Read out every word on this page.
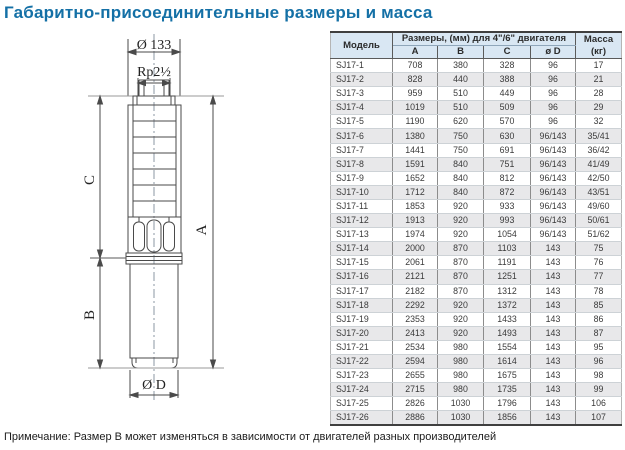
Габаритно-присоединительные размеры и масса
Ø 133
Rp2½
C
B
A
Ø D
Модель	Размеры, (мм) для 4"/6" двигателя				Масса
(кг)

	A	B	C	ø D	
SJ17-1	708	380	328	96	17
SJ17-2	828	440	388	96	21
SJ17-3	959	510	449	96	28
SJ17-4	1019	510	509	96	29
SJ17-5	1190	620	570	96	32
SJ17-6	1380	750	630	96/143	35/41
SJ17-7	1441	750	691	96/143	36/42
SJ17-8	1591	840	751	96/143	41/49
SJ17-9	1652	840	812	96/143	42/50
SJ17-10	1712	840	872	96/143	43/51
SJ17-11	1853	920	933	96/143	49/60
SJ17-12	1913	920	993	96/143	50/61
SJ17-13	1974	920	1054	96/143	51/62
SJ17-14	2000	870	1103	143	75
SJ17-15	2061	870	1191	143	76
SJ17-16	2121	870	1251	143	77
SJ17-17	2182	870	1312	143	78
SJ17-18	2292	920	1372	143	85
SJ17-19	2353	920	1433	143	86
SJ17-20	2413	920	1493	143	87
SJ17-21	2534	980	1554	143	95
SJ17-22	2594	980	1614	143	96
SJ17-23	2655	980	1675	143	98
SJ17-24	2715	980	1735	143	99
SJ17-25	2826	1030	1796	143	106
SJ17-26	2886	1030	1856	143	107
Примечание: Размер B может изменяться в зависимости от двигателей разных производителей
